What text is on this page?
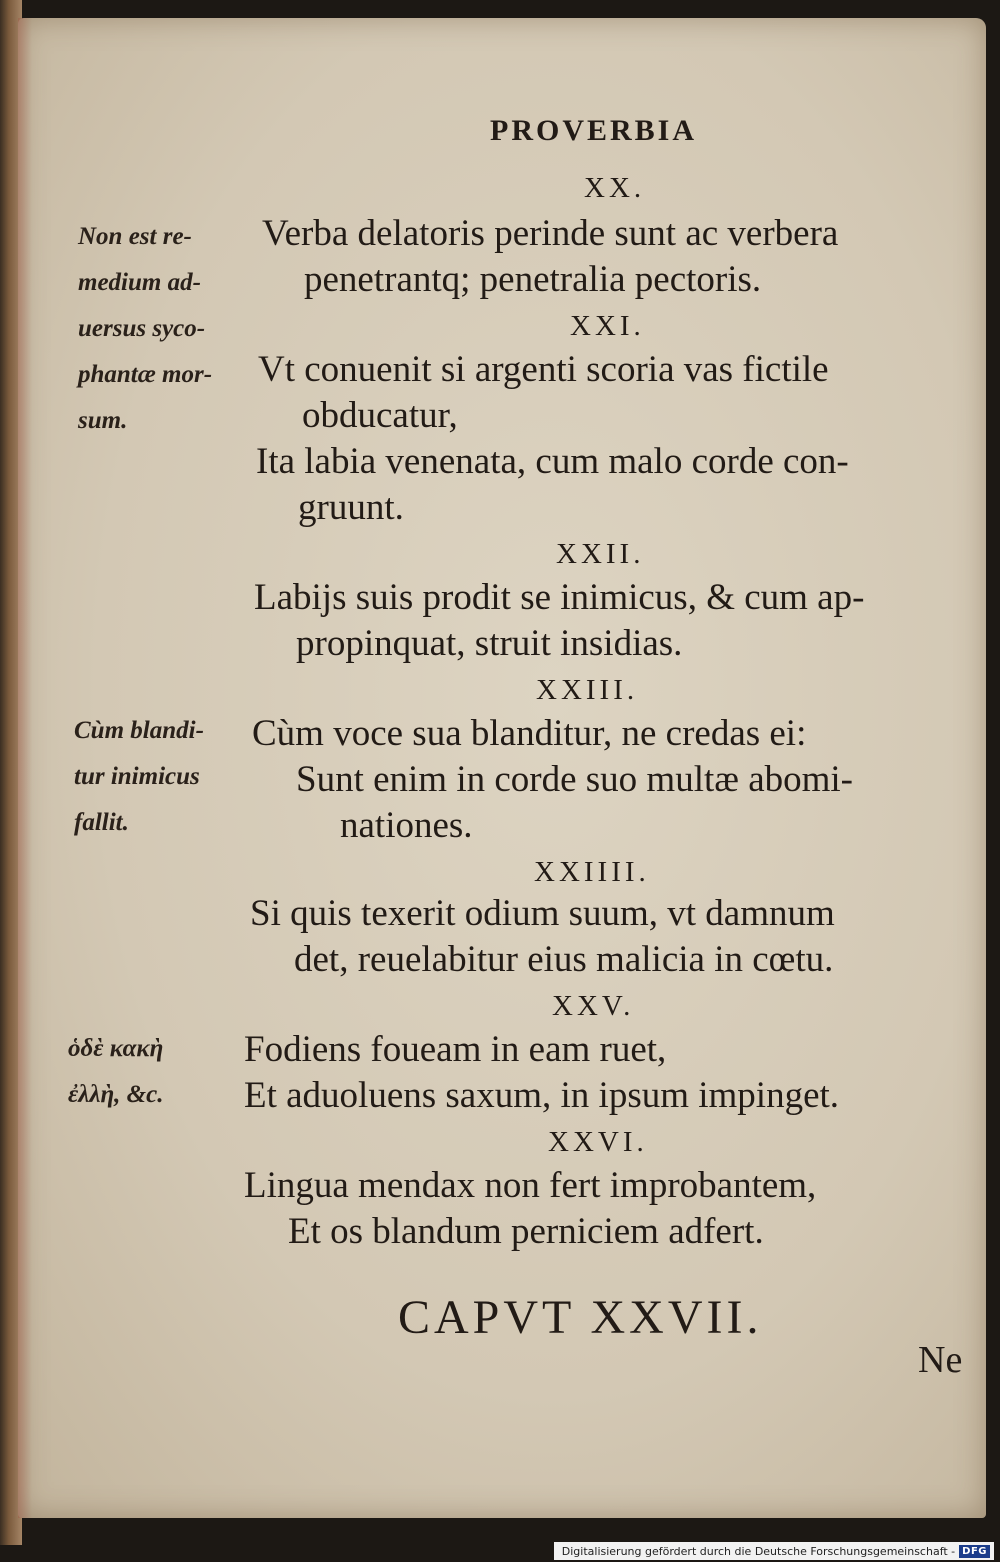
PROVERBIA
XX.
Verba delatoris perinde sunt ac verbera
penetrantq; penetralia pectoris.
XXI.
Vt conuenit si argenti scoria vas fictile
obducatur,
Ita labia venenata, cum malo corde con-
gruunt.
XXII.
Labijs suis prodit se inimicus, & cum ap-
propinquat, struit insidias.
XXIII.
Cùm voce sua blanditur, ne credas ei:
Sunt enim in corde suo multæ abomi-
nationes.
XXIIII.
Si quis texerit odium suum, vt damnum
det, reuelabitur eius malicia in cœtu.
XXV.
Fodiens foueam in eam ruet,
Et aduoluens saxum, in ipsum impinget.
XXVI.
Lingua mendax non fert improbantem,
Et os blandum perniciem adfert.
Non est re-
medium ad-
uersus syco-
phantæ mor-
sum.
Cùm blandi-
tur inimicus
fallit.
ὁδὲ κακὴ
ἐλλὴ, &c.
CAPVT XXVII.
Ne
Digitalisierung gefördert durch die Deutsche Forschungsgemeinschaft - DFG
